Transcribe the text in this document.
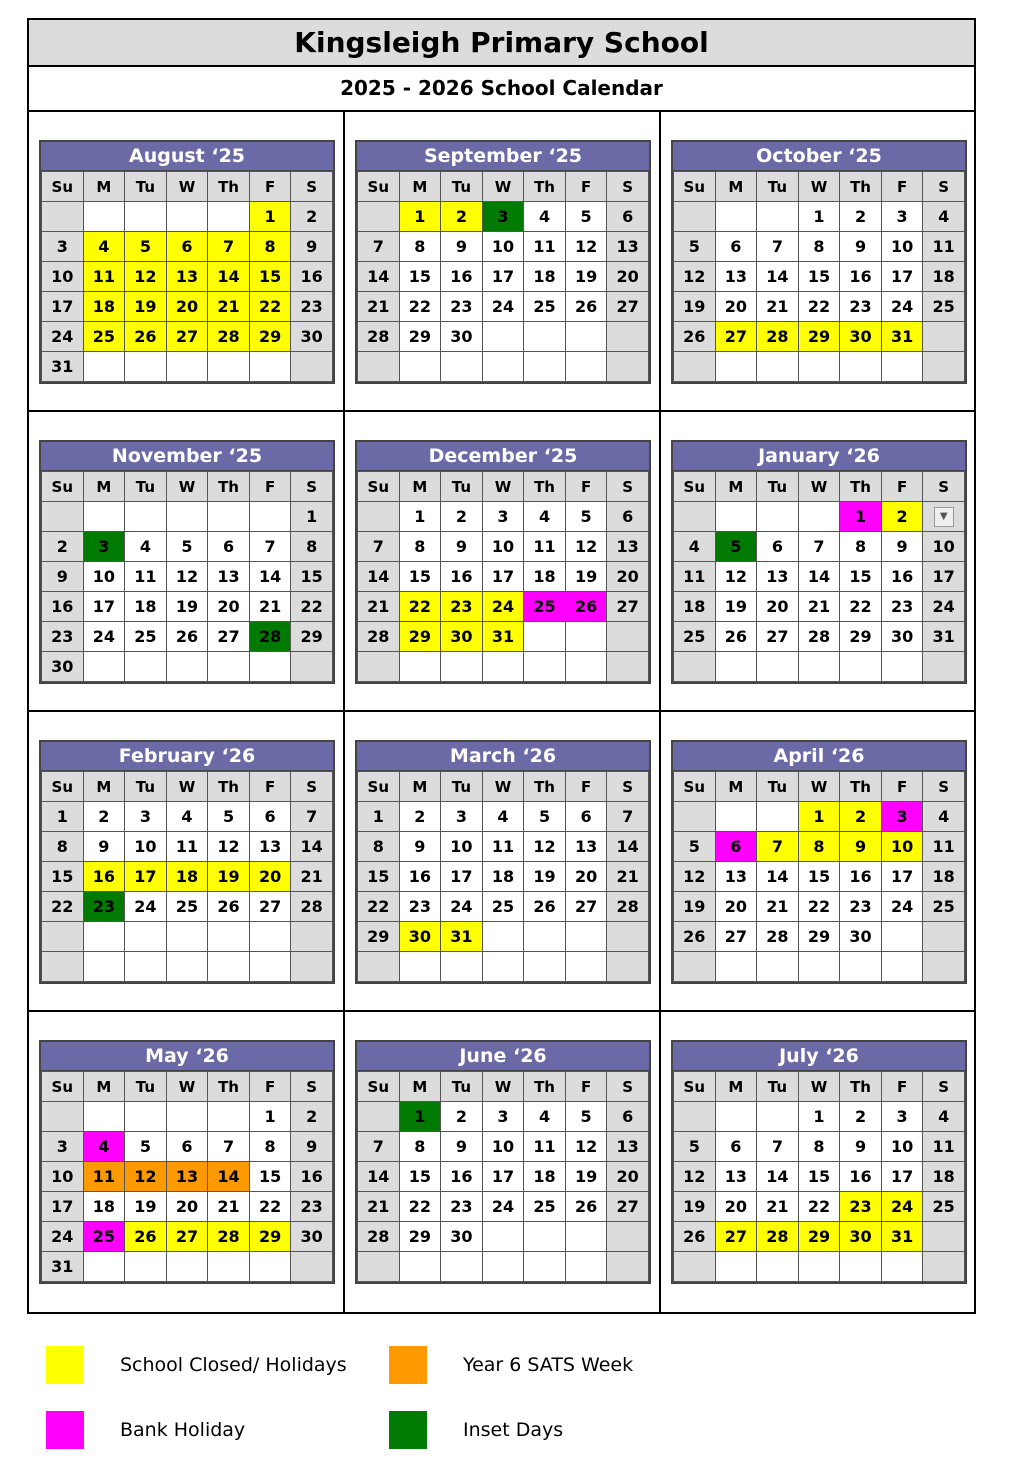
Kingsleigh Primary School
2025 - 2026 School Calendar
August ‘25
Su	M	Tu	W	Th	F	S
					1	2
3	4	5	6	7	8	9
10	11	12	13	14	15	16
17	18	19	20	21	22	23
24	25	26	27	28	29	30
31						
September ‘25
Su	M	Tu	W	Th	F	S
	1	2	3	4	5	6
7	8	9	10	11	12	13
14	15	16	17	18	19	20
21	22	23	24	25	26	27
28	29	30				

October ‘25
Su	M	Tu	W	Th	F	S
			1	2	3	4
5	6	7	8	9	10	11
12	13	14	15	16	17	18
19	20	21	22	23	24	25
26	27	28	29	30	31	

November ‘25
Su	M	Tu	W	Th	F	S
						1
2	3	4	5	6	7	8
9	10	11	12	13	14	15
16	17	18	19	20	21	22
23	24	25	26	27	28	29
30						
December ‘25
Su	M	Tu	W	Th	F	S
	1	2	3	4	5	6
7	8	9	10	11	12	13
14	15	16	17	18	19	20
21	22	23	24	25	26	27
28	29	30	31			

January ‘26
Su	M	Tu	W	Th	F	S
				1	2	▼
4	5	6	7	8	9	10
11	12	13	14	15	16	17
18	19	20	21	22	23	24
25	26	27	28	29	30	31

February ‘26
Su	M	Tu	W	Th	F	S
1	2	3	4	5	6	7
8	9	10	11	12	13	14
15	16	17	18	19	20	21
22	23	24	25	26	27	28

March ‘26
Su	M	Tu	W	Th	F	S
1	2	3	4	5	6	7
8	9	10	11	12	13	14
15	16	17	18	19	20	21
22	23	24	25	26	27	28
29	30	31				

April ‘26
Su	M	Tu	W	Th	F	S
			1	2	3	4
5	6	7	8	9	10	11
12	13	14	15	16	17	18
19	20	21	22	23	24	25
26	27	28	29	30		

May ‘26
Su	M	Tu	W	Th	F	S
					1	2
3	4	5	6	7	8	9
10	11	12	13	14	15	16
17	18	19	20	21	22	23
24	25	26	27	28	29	30
31						
June ‘26
Su	M	Tu	W	Th	F	S
	1	2	3	4	5	6
7	8	9	10	11	12	13
14	15	16	17	18	19	20
21	22	23	24	25	26	27
28	29	30				

July ‘26
Su	M	Tu	W	Th	F	S
			1	2	3	4
5	6	7	8	9	10	11
12	13	14	15	16	17	18
19	20	21	22	23	24	25
26	27	28	29	30	31	

School Closed/ Holidays	Year 6 SATS Week
Bank Holiday	Inset Days
